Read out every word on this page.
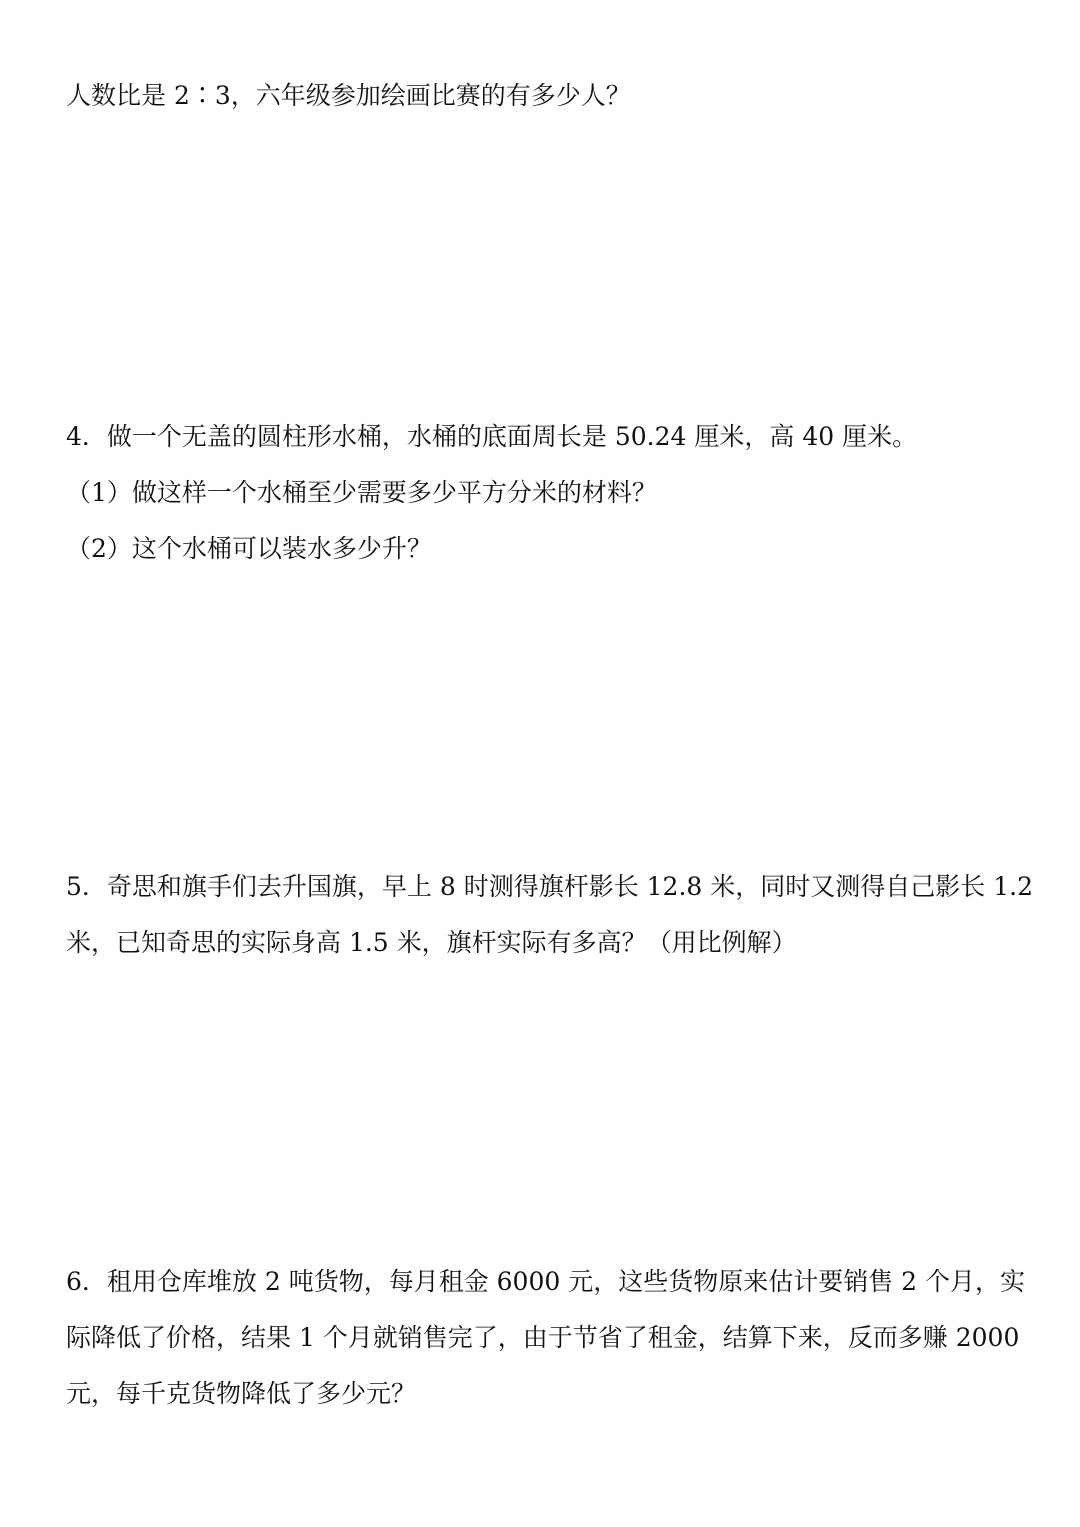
人数比是 2∶3，六年级参加绘画比赛的有多少人？

4．做一个无盖的圆柱形水桶，水桶的底面周长是 50.24 厘米，高 40 厘米。

（1）做这样一个水桶至少需要多少平方分米的材料？

（2）这个水桶可以装水多少升？

5．奇思和旗手们去升国旗，早上 8 时测得旗杆影长 12.8 米，同时又测得自己影长 1.2

米，已知奇思的实际身高 1.5 米，旗杆实际有多高？（用比例解）

6．租用仓库堆放 2 吨货物，每月租金 6000 元，这些货物原来估计要销售 2 个月，实

际降低了价格，结果 1 个月就销售完了，由于节省了租金，结算下来，反而多赚 2000

元，每千克货物降低了多少元？
